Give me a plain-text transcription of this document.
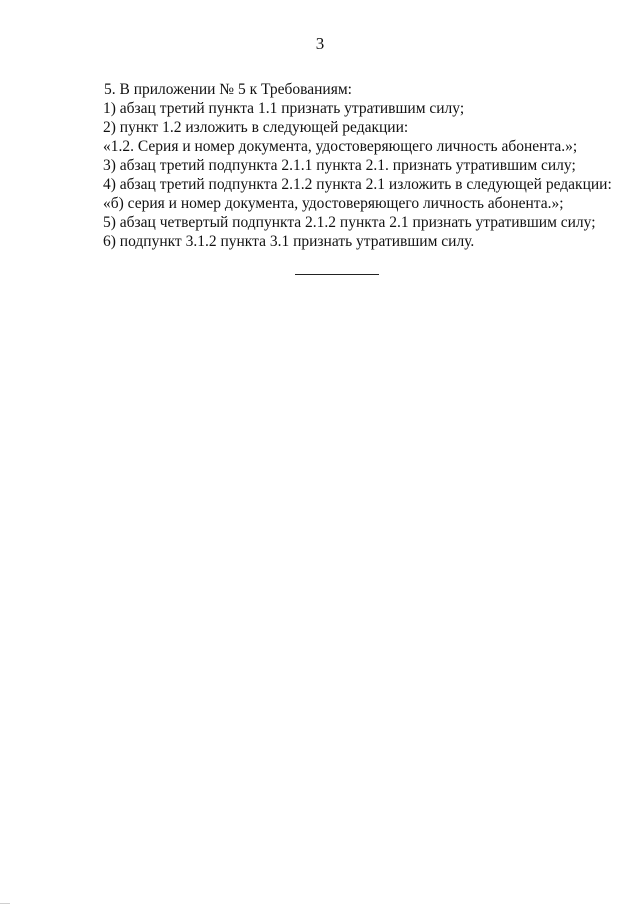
3
5. В приложении № 5 к Требованиям:
1) абзац третий пункта 1.1 признать утратившим силу;
2) пункт 1.2 изложить в следующей редакции:
«1.2. Серия и номер документа, удостоверяющего личность абонента.»;
3) абзац третий подпункта 2.1.1 пункта 2.1. признать утратившим силу;
4) абзац третий подпункта 2.1.2 пункта 2.1 изложить в следующей редакции:
«б) серия и номер документа, удостоверяющего личность абонента.»;
5) абзац четвертый подпункта 2.1.2 пункта 2.1 признать утратившим силу;
6) подпункт 3.1.2 пункта 3.1 признать утратившим силу.
